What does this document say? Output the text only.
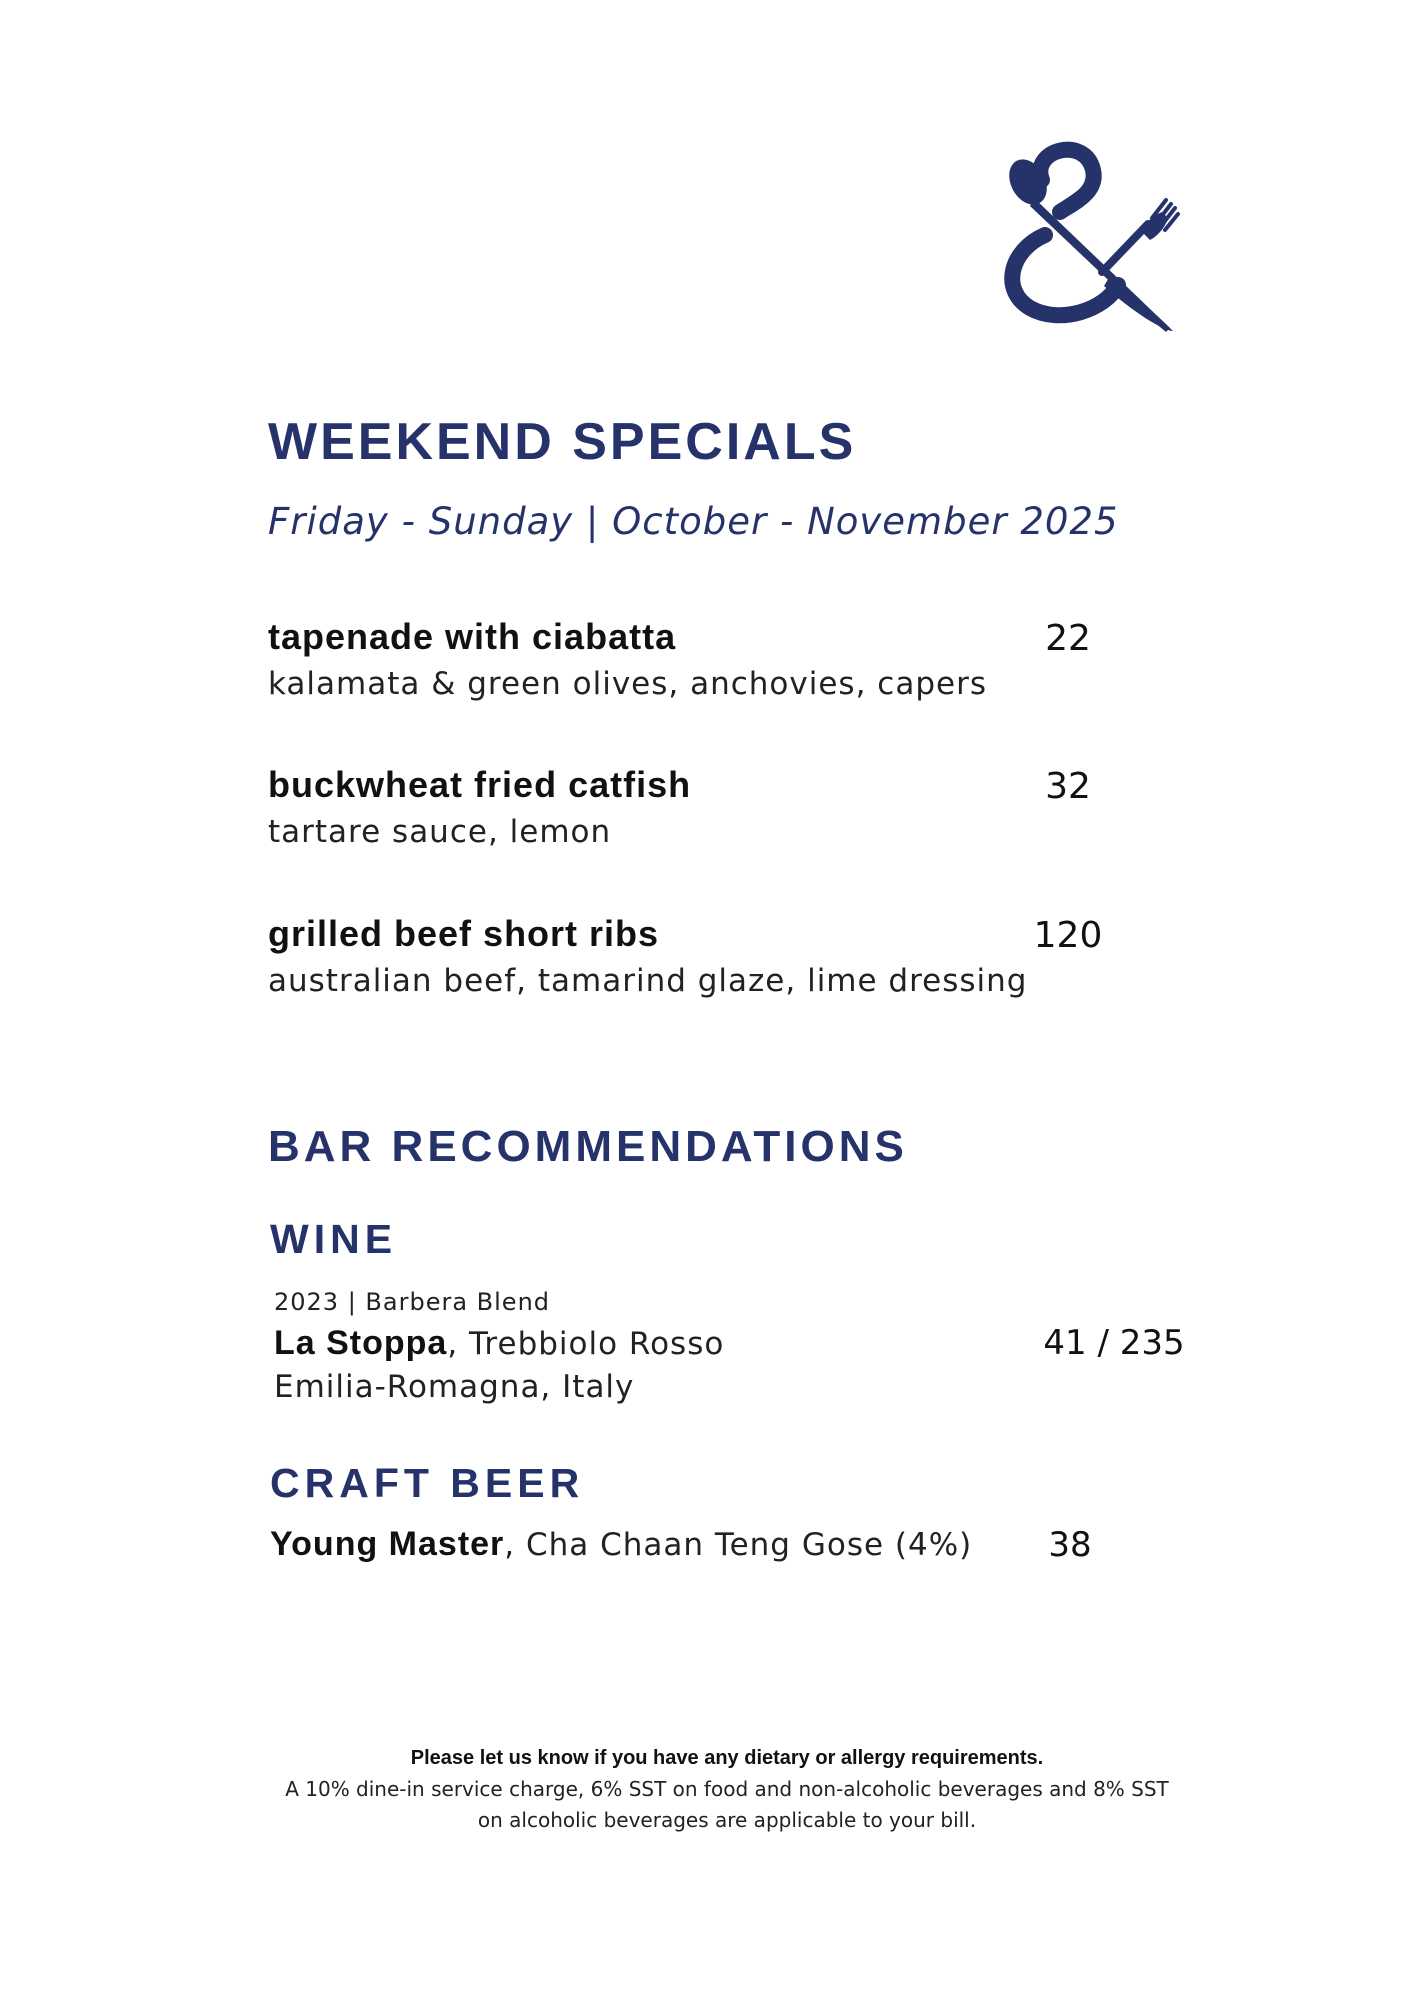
WEEKEND SPECIALS
Friday - Sunday | October - November 2025
tapenade with ciabatta
kalamata & green olives, anchovies, capers
22
buckwheat fried catfish
tartare sauce, lemon
32
grilled beef short ribs
australian beef, tamarind glaze, lime dressing
120
BAR RECOMMENDATIONS
WINE
2023 | Barbera Blend
La Stoppa, Trebbiolo Rosso
Emilia-Romagna, Italy
41 / 235
CRAFT BEER
Young Master, Cha Chaan Teng Gose (4%)	38
Please let us know if you have any dietary or allergy requirements.
A 10% dine-in service charge, 6% SST on food and non-alcoholic beverages and 8% SST
on alcoholic beverages are applicable to your bill.
